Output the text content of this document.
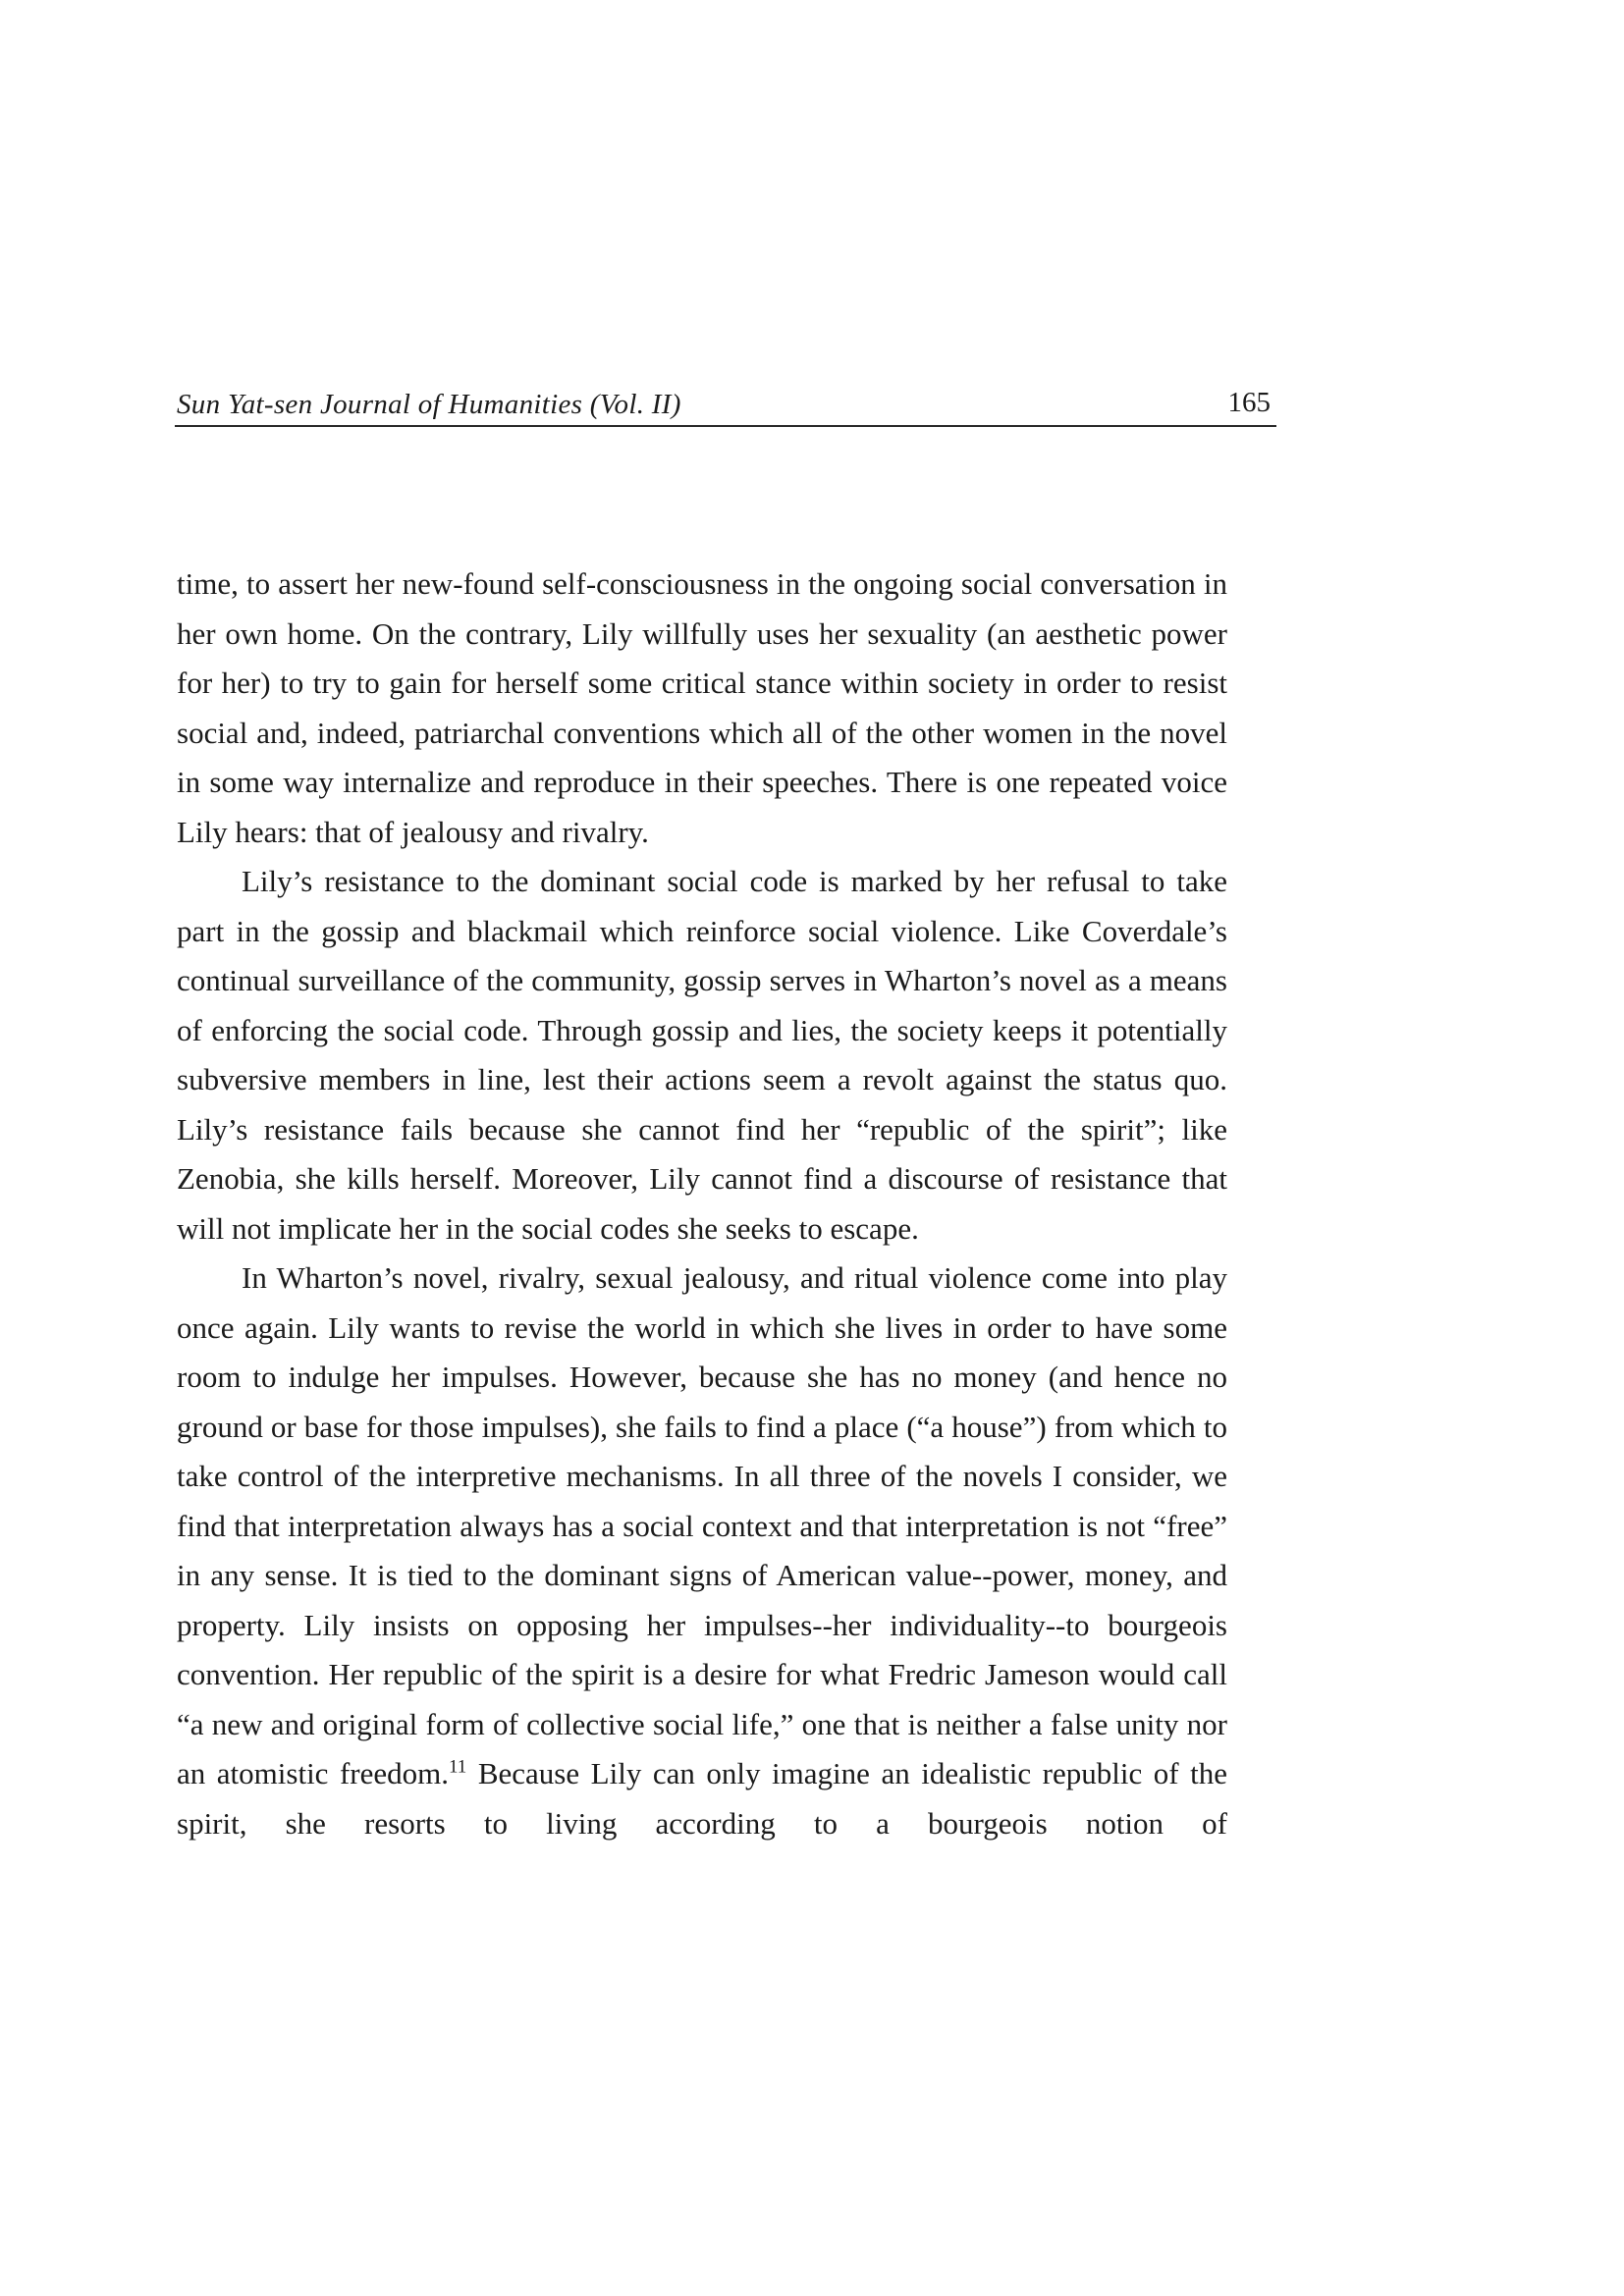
Sun Yat-sen Journal of Humanities (Vol. II)	165

time, to assert her new-found self-consciousness in the ongoing social conversation in her own home. On the contrary, Lily willfully uses her sexuality (an aesthetic power for her) to try to gain for herself some critical stance within society in order to resist social and, indeed, patriarchal conventions which all of the other women in the novel in some way internalize and reproduce in their speeches. There is one repeated voice Lily hears: that of jealousy and rivalry.

Lily’s resistance to the dominant social code is marked by her refusal to take part in the gossip and blackmail which reinforce social violence. Like Coverdale’s continual surveillance of the community, gossip serves in Wharton’s novel as a means of enforcing the social code. Through gossip and lies, the society keeps it potentially subversive members in line, lest their actions seem a revolt against the status quo. Lily’s resistance fails because she cannot find her “republic of the spirit”; like Zenobia, she kills herself. Moreover, Lily cannot find a discourse of resistance that will not implicate her in the social codes she seeks to escape.

In Wharton’s novel, rivalry, sexual jealousy, and ritual violence come into play once again. Lily wants to revise the world in which she lives in order to have some room to indulge her impulses. However, because she has no money (and hence no ground or base for those impulses), she fails to find a place (“a house”) from which to take control of the interpretive mechanisms. In all three of the novels I consider, we find that interpretation always has a social context and that interpretation is not “free” in any sense. It is tied to the dominant signs of American value--power, money, and property. Lily insists on opposing her impulses--her individuality--to bourgeois convention. Her republic of the spirit is a desire for what Fredric Jameson would call “a new and original form of collective social life,” one that is neither a false unity nor an atomistic freedom.$^{11}$ Because Lily can only imagine an idealistic republic of the spirit, she resorts to living according to a bourgeois notion of
